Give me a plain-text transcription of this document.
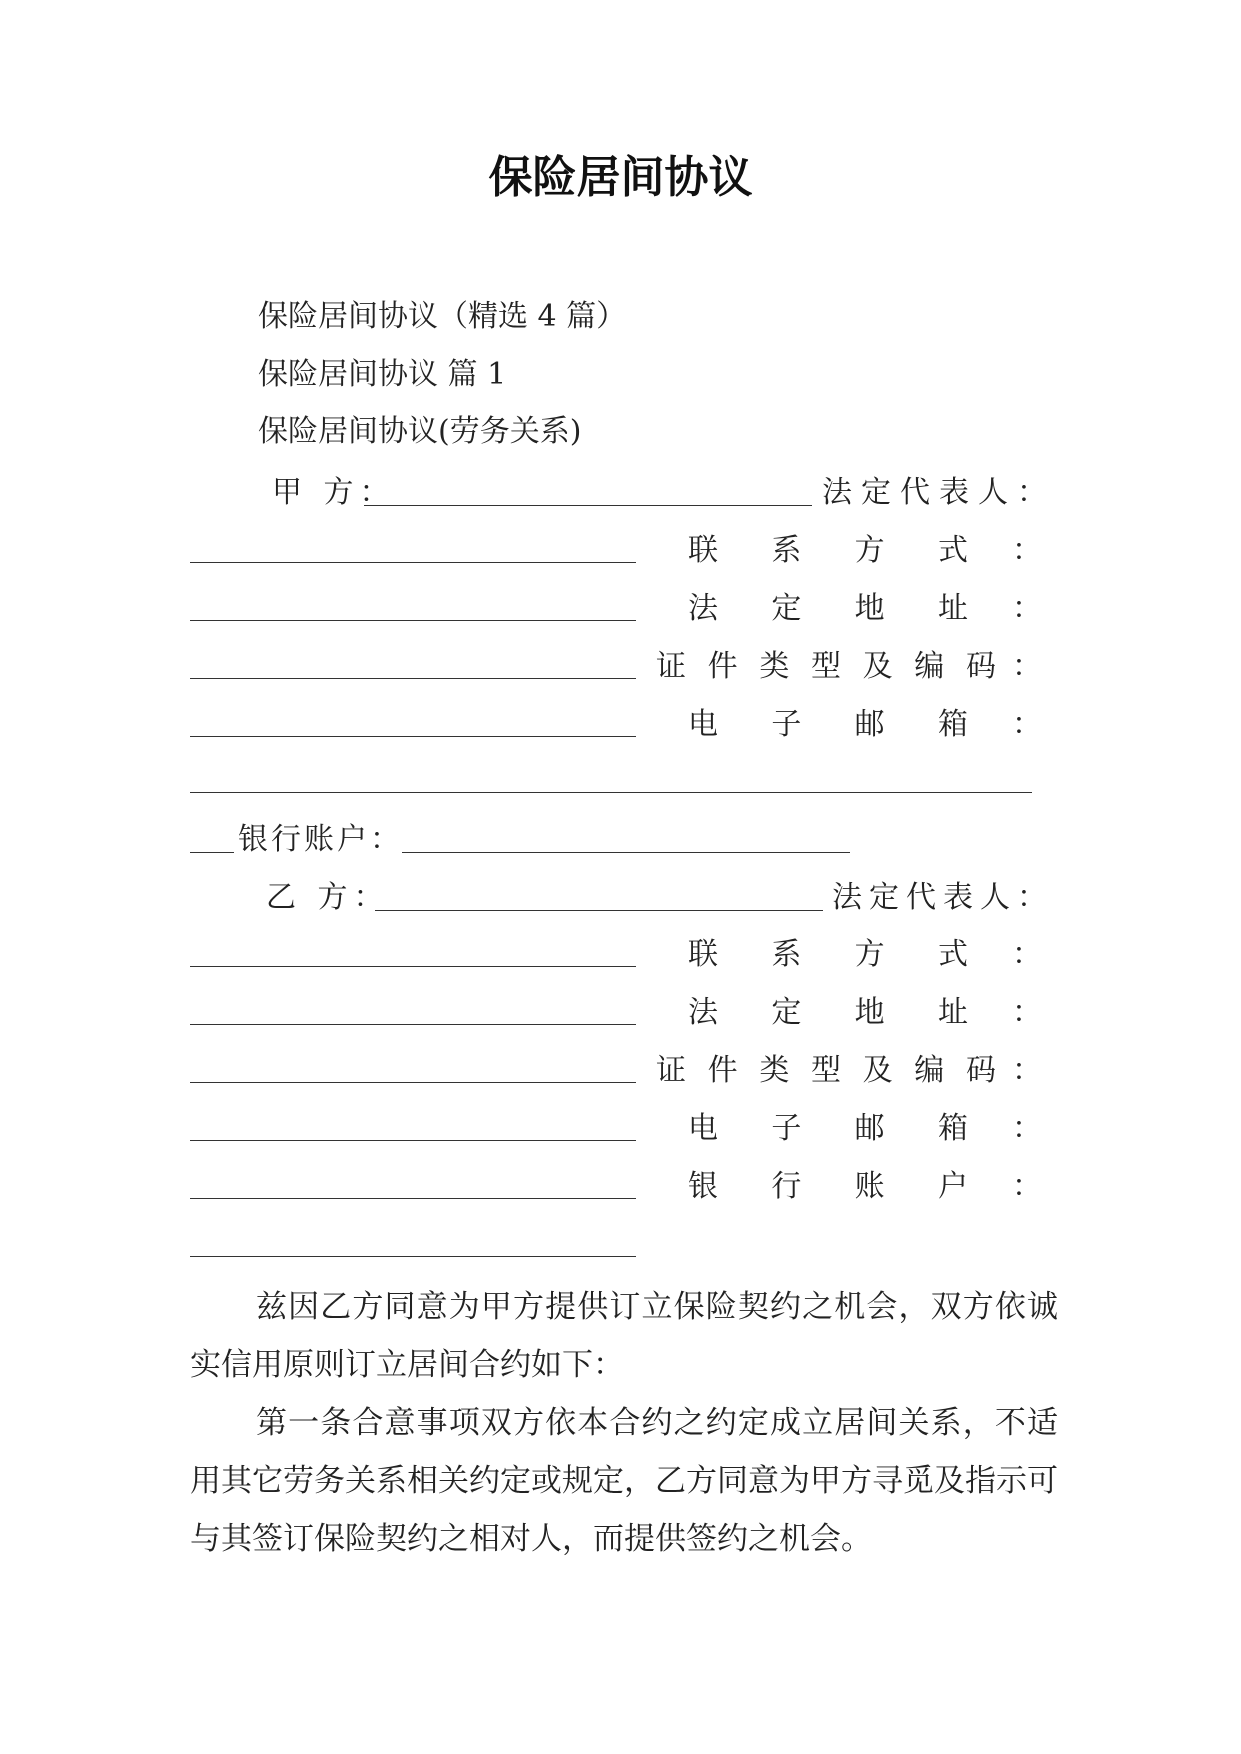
保险居间协议
保险居间协议（精选 4 篇）
保险居间协议 篇 1
保险居间协议(劳务关系)
甲 方：	法定代表人：
联 系 方 式 ：
法 定 地 址 ：
证 件 类 型 及 编 码 ：
电 子 邮 箱 ：
银行账户：
乙 方：	法定代表人：
联 系 方 式 ：
法 定 地 址 ：
证 件 类 型 及 编 码 ：
电 子 邮 箱 ：
银 行 账 户 ：
兹因乙方同意为甲方提供订立保险契约之机会，双方依诚实信用原则订立居间合约如下：
第一条合意事项双方依本合约之约定成立居间关系，不适用其它劳务关系相关约定或规定，乙方同意为甲方寻觅及指示可与其签订保险契约之相对人，而提供签约之机会。
